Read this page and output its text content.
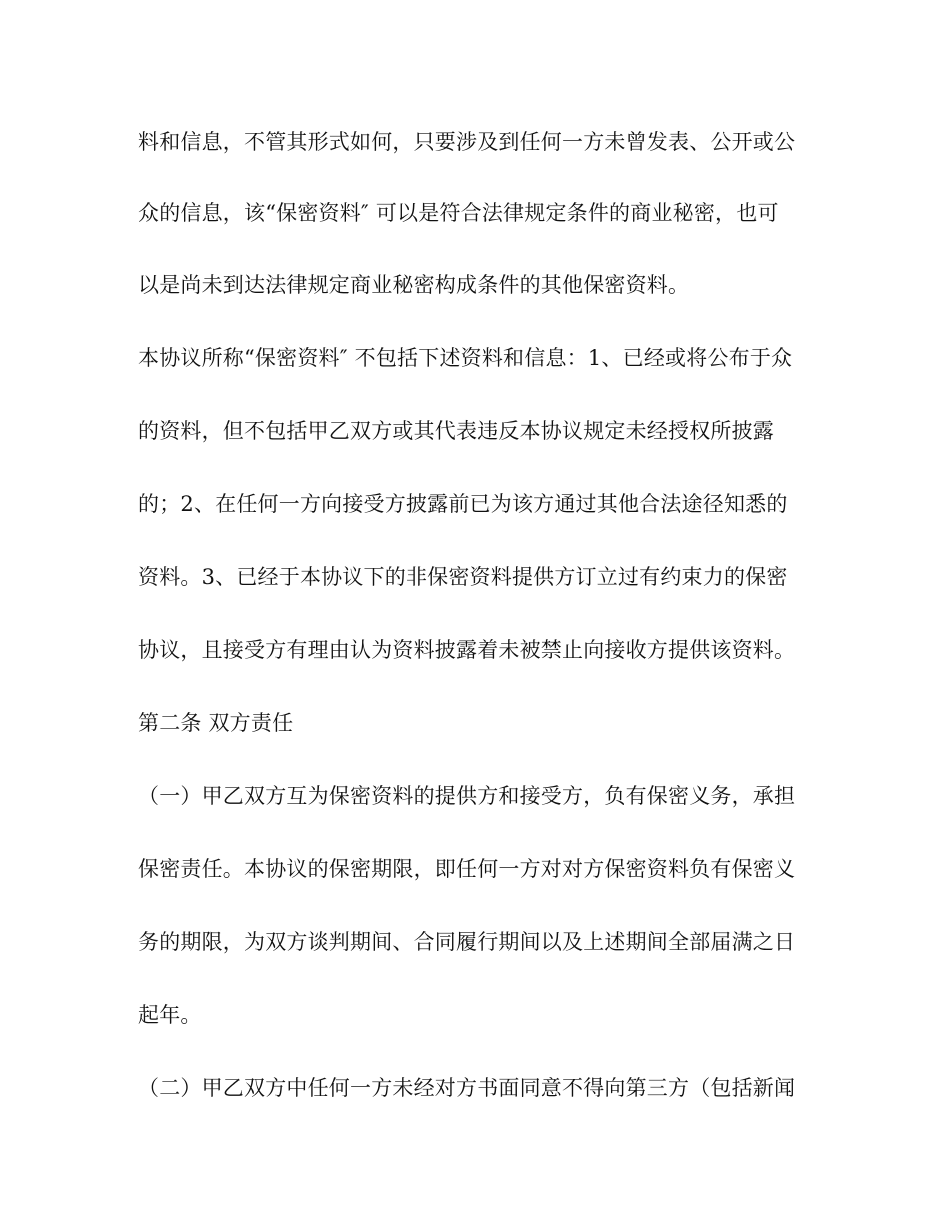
料和信息，不管其形式如何，只要涉及到任何一方未曾发表、公开或公
众的信息，该“保密资料″ 可以是符合法律规定条件的商业秘密，也可
以是尚未到达法律规定商业秘密构成条件的其他保密资料。
本协议所称“保密资料″ 不包括下述资料和信息：1、已经或将公布于众
的资料，但不包括甲乙双方或其代表违反本协议规定未经授权所披露
的；2、在任何一方向接受方披露前已为该方通过其他合法途径知悉的
资料。3、已经于本协议下的非保密资料提供方订立过有约束力的保密
协议，且接受方有理由认为资料披露着未被禁止向接收方提供该资料。
第二条 双方责任
（一）甲乙双方互为保密资料的提供方和接受方，负有保密义务，承担
保密责任。本协议的保密期限，即任何一方对对方保密资料负有保密义
务的期限，为双方谈判期间、合同履行期间以及上述期间全部届满之日
起年。
（二）甲乙双方中任何一方未经对方书面同意不得向第三方（包括新闻
